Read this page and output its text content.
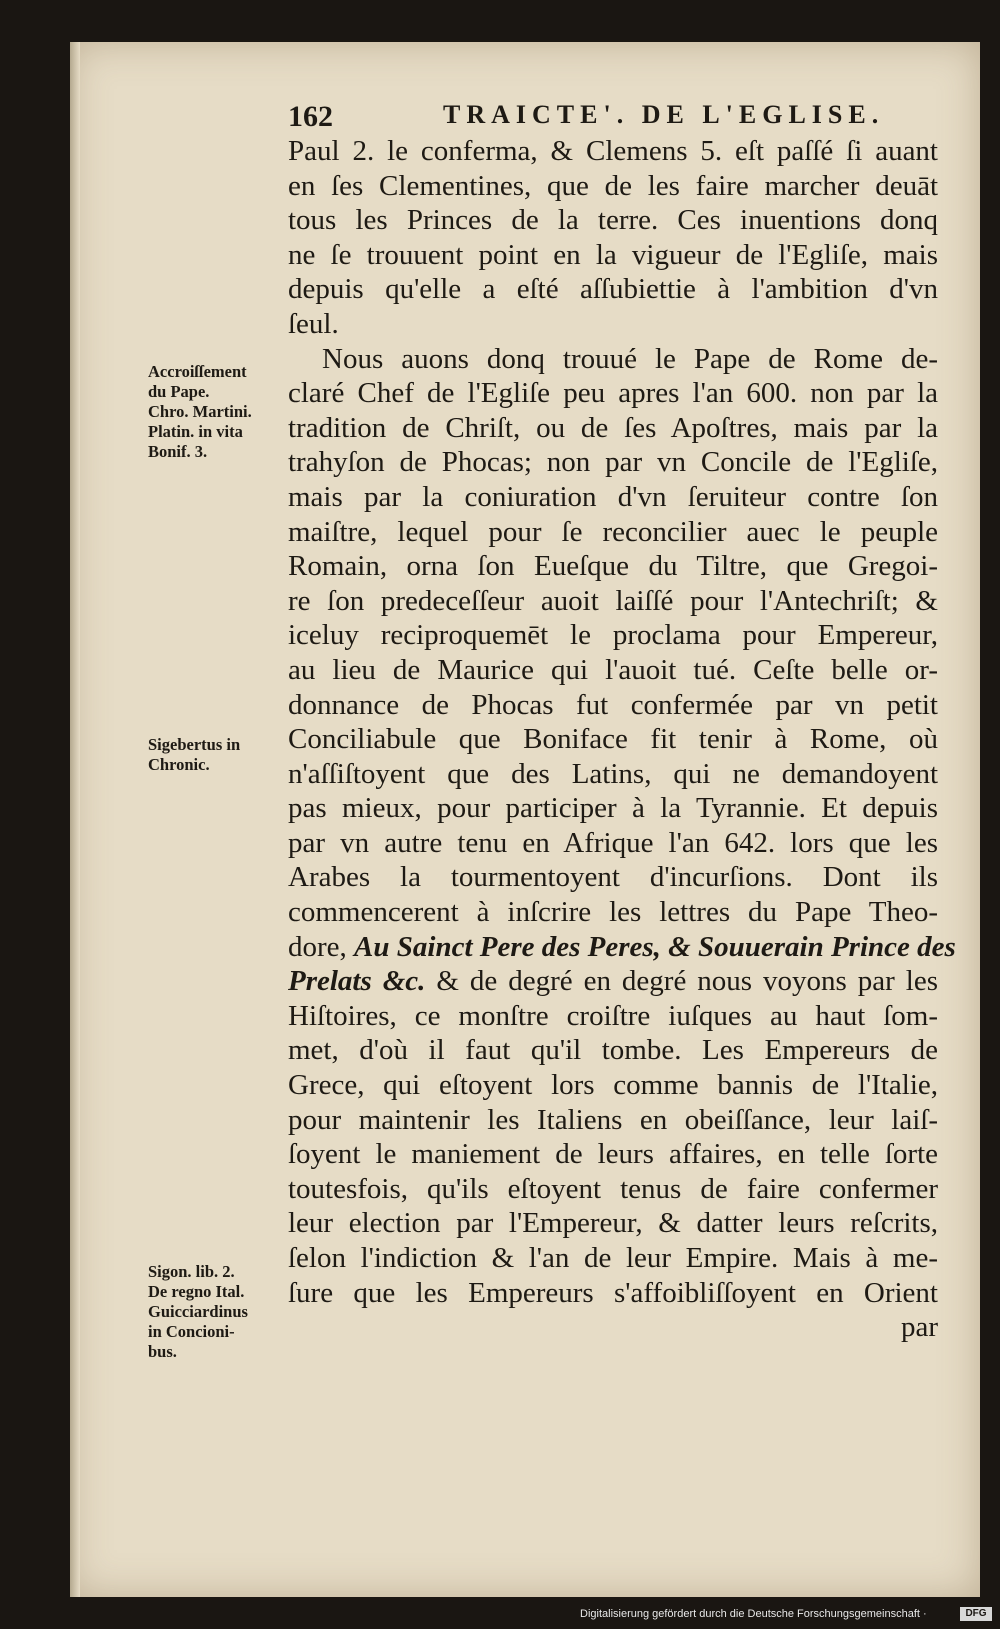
162	TRAICTE'. DE L'EGLISE.
Paul 2. le conferma, & Clemens 5. eſt paſſé ſi auant
en ſes Clementines, que de les faire marcher deuāt
tous les Princes de la terre. Ces inuentions donq
ne ſe trouuent point en la vigueur de l'Egliſe, mais
depuis qu'elle a eſté aſſubiettie à l'ambition d'vn
ſeul.
Nous auons donq trouué le Pape de Rome de-
claré Chef de l'Egliſe peu apres l'an 600. non par la
tradition de Chriſt, ou de ſes Apoſtres, mais par la
trahyſon de Phocas; non par vn Concile de l'Egliſe,
mais par la coniuration d'vn ſeruiteur contre ſon
maiſtre, lequel pour ſe reconcilier auec le peuple
Romain, orna ſon Eueſque du Tiltre, que Gregoi-
re ſon predeceſſeur auoit laiſſé pour l'Antechriſt; &
iceluy reciproquemēt le proclama pour Empereur,
au lieu de Maurice qui l'auoit tué. Ceſte belle or-
donnance de Phocas fut confermée par vn petit
Conciliabule que Boniface fit tenir à Rome, où
n'aſſiſtoyent que des Latins, qui ne demandoyent
pas mieux, pour participer à la Tyrannie. Et depuis
par vn autre tenu en Afrique l'an 642. lors que les
Arabes la tourmentoyent d'incurſions. Dont ils
commencerent à inſcrire les lettres du Pape Theo-
dore, Au Sainct Pere des Peres, & Souuerain Prince des
Prelats &c. & de degré en degré nous voyons par les
Hiſtoires, ce monſtre croiſtre iuſques au haut ſom-
met, d'où il faut qu'il tombe. Les Empereurs de
Grece, qui eſtoyent lors comme bannis de l'Italie,
pour maintenir les Italiens en obeiſſance, leur laiſ-
ſoyent le maniement de leurs affaires, en telle ſorte
toutesfois, qu'ils eſtoyent tenus de faire confermer
leur election par l'Empereur, & datter leurs reſcrits,
ſelon l'indiction & l'an de leur Empire. Mais à me-
ſure que les Empereurs s'affoibliſſoyent en Orient
par
Accroiſſement
du Pape.
Chro. Martini.
Platin. in vita
Bonif. 3.
Sigebertus in
Chronic.
Sigon. lib. 2.
De regno Ital.
Guicciardinus
in Concioni-
bus.
Digitalisierung gefördert durch die Deutsche Forschungsgemeinschaft ·	DFG
